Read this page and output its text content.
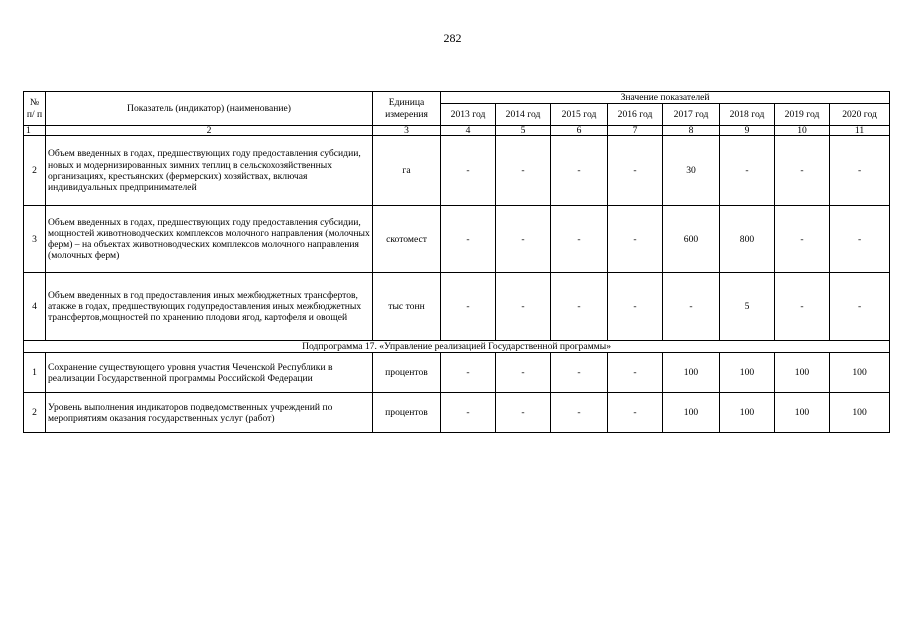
282
№ п/ п	Показатель (индикатор) (наименование)	Единица измерения	Значение показателей							
			2013 год	2014 год	2015 год	2016 год	2017 год	2018 год	2019 год	2020 год
1	2	3	4	5	6	7	8	9	10	11
2	Объем введенных в годах, предшествующих году предоставления субсидии, новых и модернизированных зимних теплиц в сельскохозяйственных организациях, крестьянских (фермерских) хозяйствах, включая индивидуальных предпринимателей	га	-	-	-	-	30	-	-	-
3	Объем введенных в годах, предшествующих году предоставления субсидии, мощностей животноводческих комплексов молочного направления (молочных ферм) – на объектах животноводческих комплексов молочного направления (молочных ферм)	скотомест	-	-	-	-	600	800	-	-
4	Объем введенных в год предоставления иных межбюджетных трансфертов, атакже в годах, предшествующих годупредоставления иных межбюджетных трансфертов,мощностей по хранению плодови ягод, картофеля и овощей	тыс тонн	-	-	-	-	-	5	-	-
Подпрограмма 17. «Управление реализацией Государственной программы»										
1	Сохранение существующего уровня участия Чеченской Республики в реализации Государственной программы Российской Федерации	процентов	-	-	-	-	100	100	100	100
2	Уровень выполнения индикаторов подведомственных учреждений по мероприятиям оказания государственных услуг (работ)	процентов	-	-	-	-	100	100	100	100
